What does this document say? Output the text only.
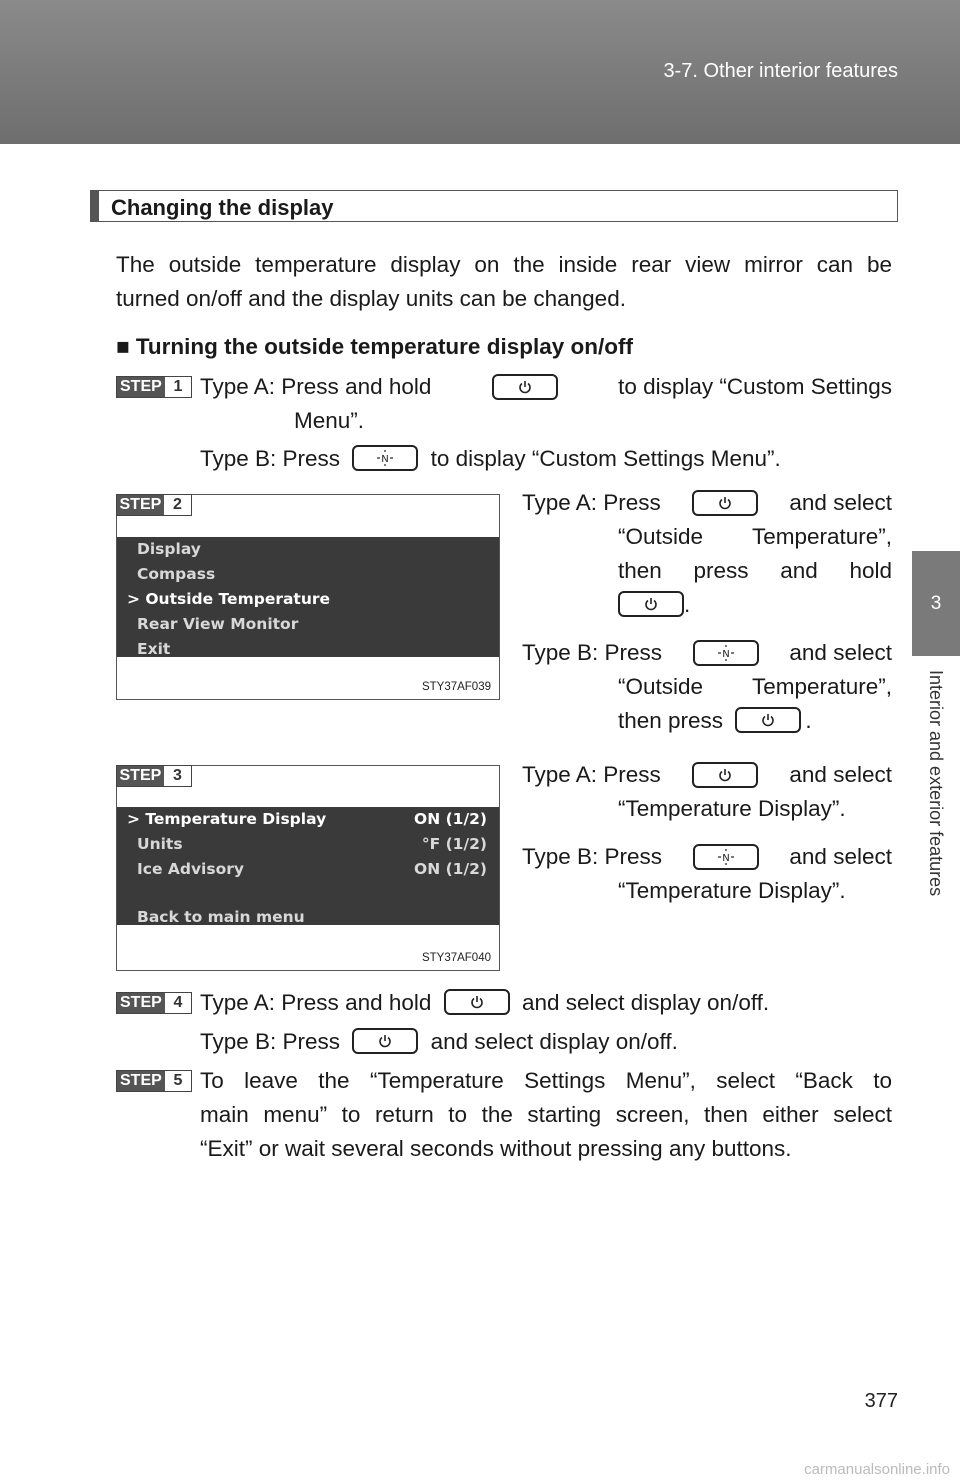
3-7. Other interior features
3
Interior and exterior features
Changing the display
The outside temperature display on the inside rear view mirror can be
turned on/off and the display units can be changed.
■ Turning the outside temperature display on/off
STEP 1 Type A: Press and hold	to display “Custom Settings
Menu”.
Type B: Press	N to display “Custom Settings Menu”.
STEP 2
Display
Compass
> Outside Temperature
Rear View Monitor
Exit
STY37AF039
Type A: Press	and select
“Outside Temperature”,
then press and hold
.
Type B: Press	N	and select
“Outside Temperature”,
then press	.
STEP 3
> Temperature Display	ON (1/2)
Units	°F (1/2)
Ice Advisory	ON (1/2)
Back to main menu
STY37AF040
Type A: Press	and select
“Temperature Display”.
Type B: Press	N	and select
“Temperature Display”.
STEP 4 Type A: Press and hold	and select display on/off.
Type B: Press	and select display on/off.
STEP 5 To leave the “Temperature Settings Menu”, select “Back to
main menu” to return to the starting screen, then either select
“Exit” or wait several seconds without pressing any buttons.
377
carmanualsonline.info
